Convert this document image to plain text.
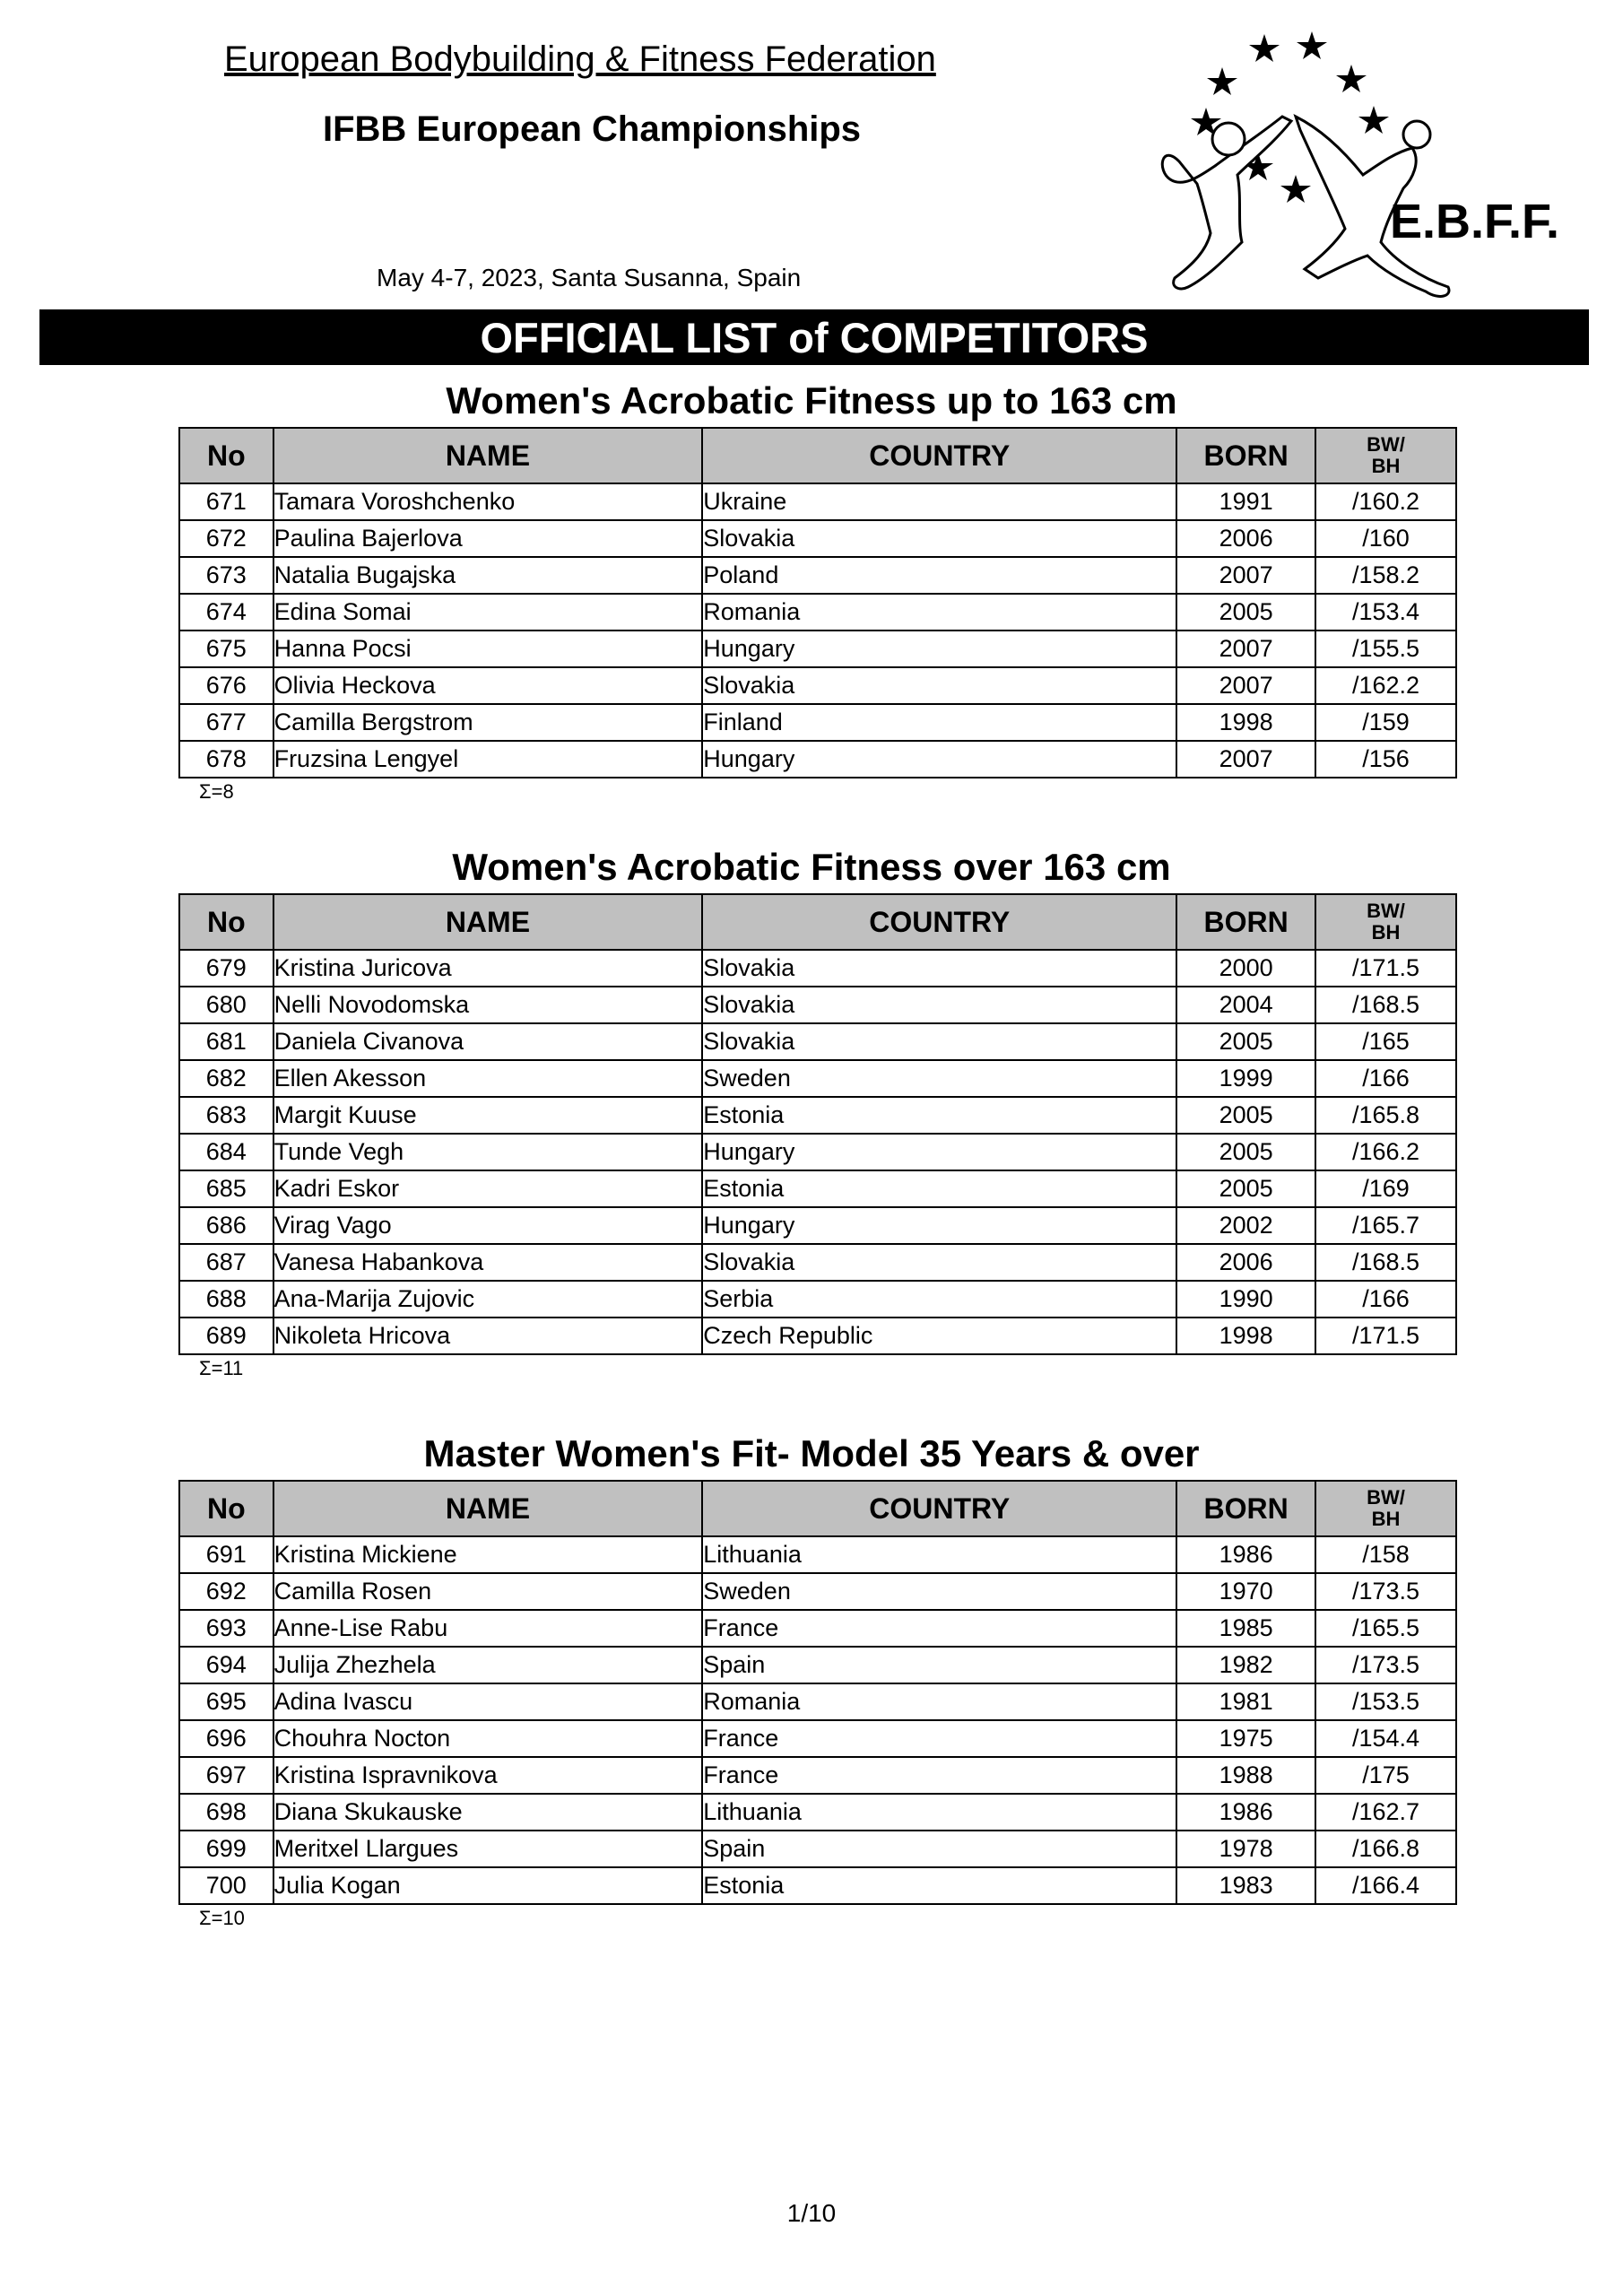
European Bodybuilding & Fitness Federation
IFBB European Championships
May 4-7, 2023, Santa Susanna, Spain
E.B.F.F.
OFFICIAL LIST of COMPETITORS
Women's Acrobatic Fitness up to 163 cm
No	NAME	COUNTRY	BORN	BW/
BH
671	Tamara Voroshchenko	Ukraine	1991	/160.2
672	Paulina Bajerlova	Slovakia	2006	/160
673	Natalia Bugajska	Poland	2007	/158.2
674	Edina Somai	Romania	2005	/153.4
675	Hanna Pocsi	Hungary	2007	/155.5
676	Olivia Heckova	Slovakia	2007	/162.2
677	Camilla Bergstrom	Finland	1998	/159
678	Fruzsina Lengyel	Hungary	2007	/156
Σ=8
Women's Acrobatic Fitness over 163 cm
No	NAME	COUNTRY	BORN	BW/
BH
679	Kristina Juricova	Slovakia	2000	/171.5
680	Nelli Novodomska	Slovakia	2004	/168.5
681	Daniela Civanova	Slovakia	2005	/165
682	Ellen Akesson	Sweden	1999	/166
683	Margit Kuuse	Estonia	2005	/165.8
684	Tunde Vegh	Hungary	2005	/166.2
685	Kadri Eskor	Estonia	2005	/169
686	Virag Vago	Hungary	2002	/165.7
687	Vanesa Habankova	Slovakia	2006	/168.5
688	Ana-Marija Zujovic	Serbia	1990	/166
689	Nikoleta Hricova	Czech Republic	1998	/171.5
Σ=11
Master Women's Fit- Model 35 Years & over
No	NAME	COUNTRY	BORN	BW/
BH
691	Kristina Mickiene	Lithuania	1986	/158
692	Camilla Rosen	Sweden	1970	/173.5
693	Anne-Lise Rabu	France	1985	/165.5
694	Julija Zhezhela	Spain	1982	/173.5
695	Adina Ivascu	Romania	1981	/153.5
696	Chouhra Nocton	France	1975	/154.4
697	Kristina Ispravnikova	France	1988	/175
698	Diana Skukauske	Lithuania	1986	/162.7
699	Meritxel Llargues	Spain	1978	/166.8
700	Julia Kogan	Estonia	1983	/166.4
Σ=10
1/10
